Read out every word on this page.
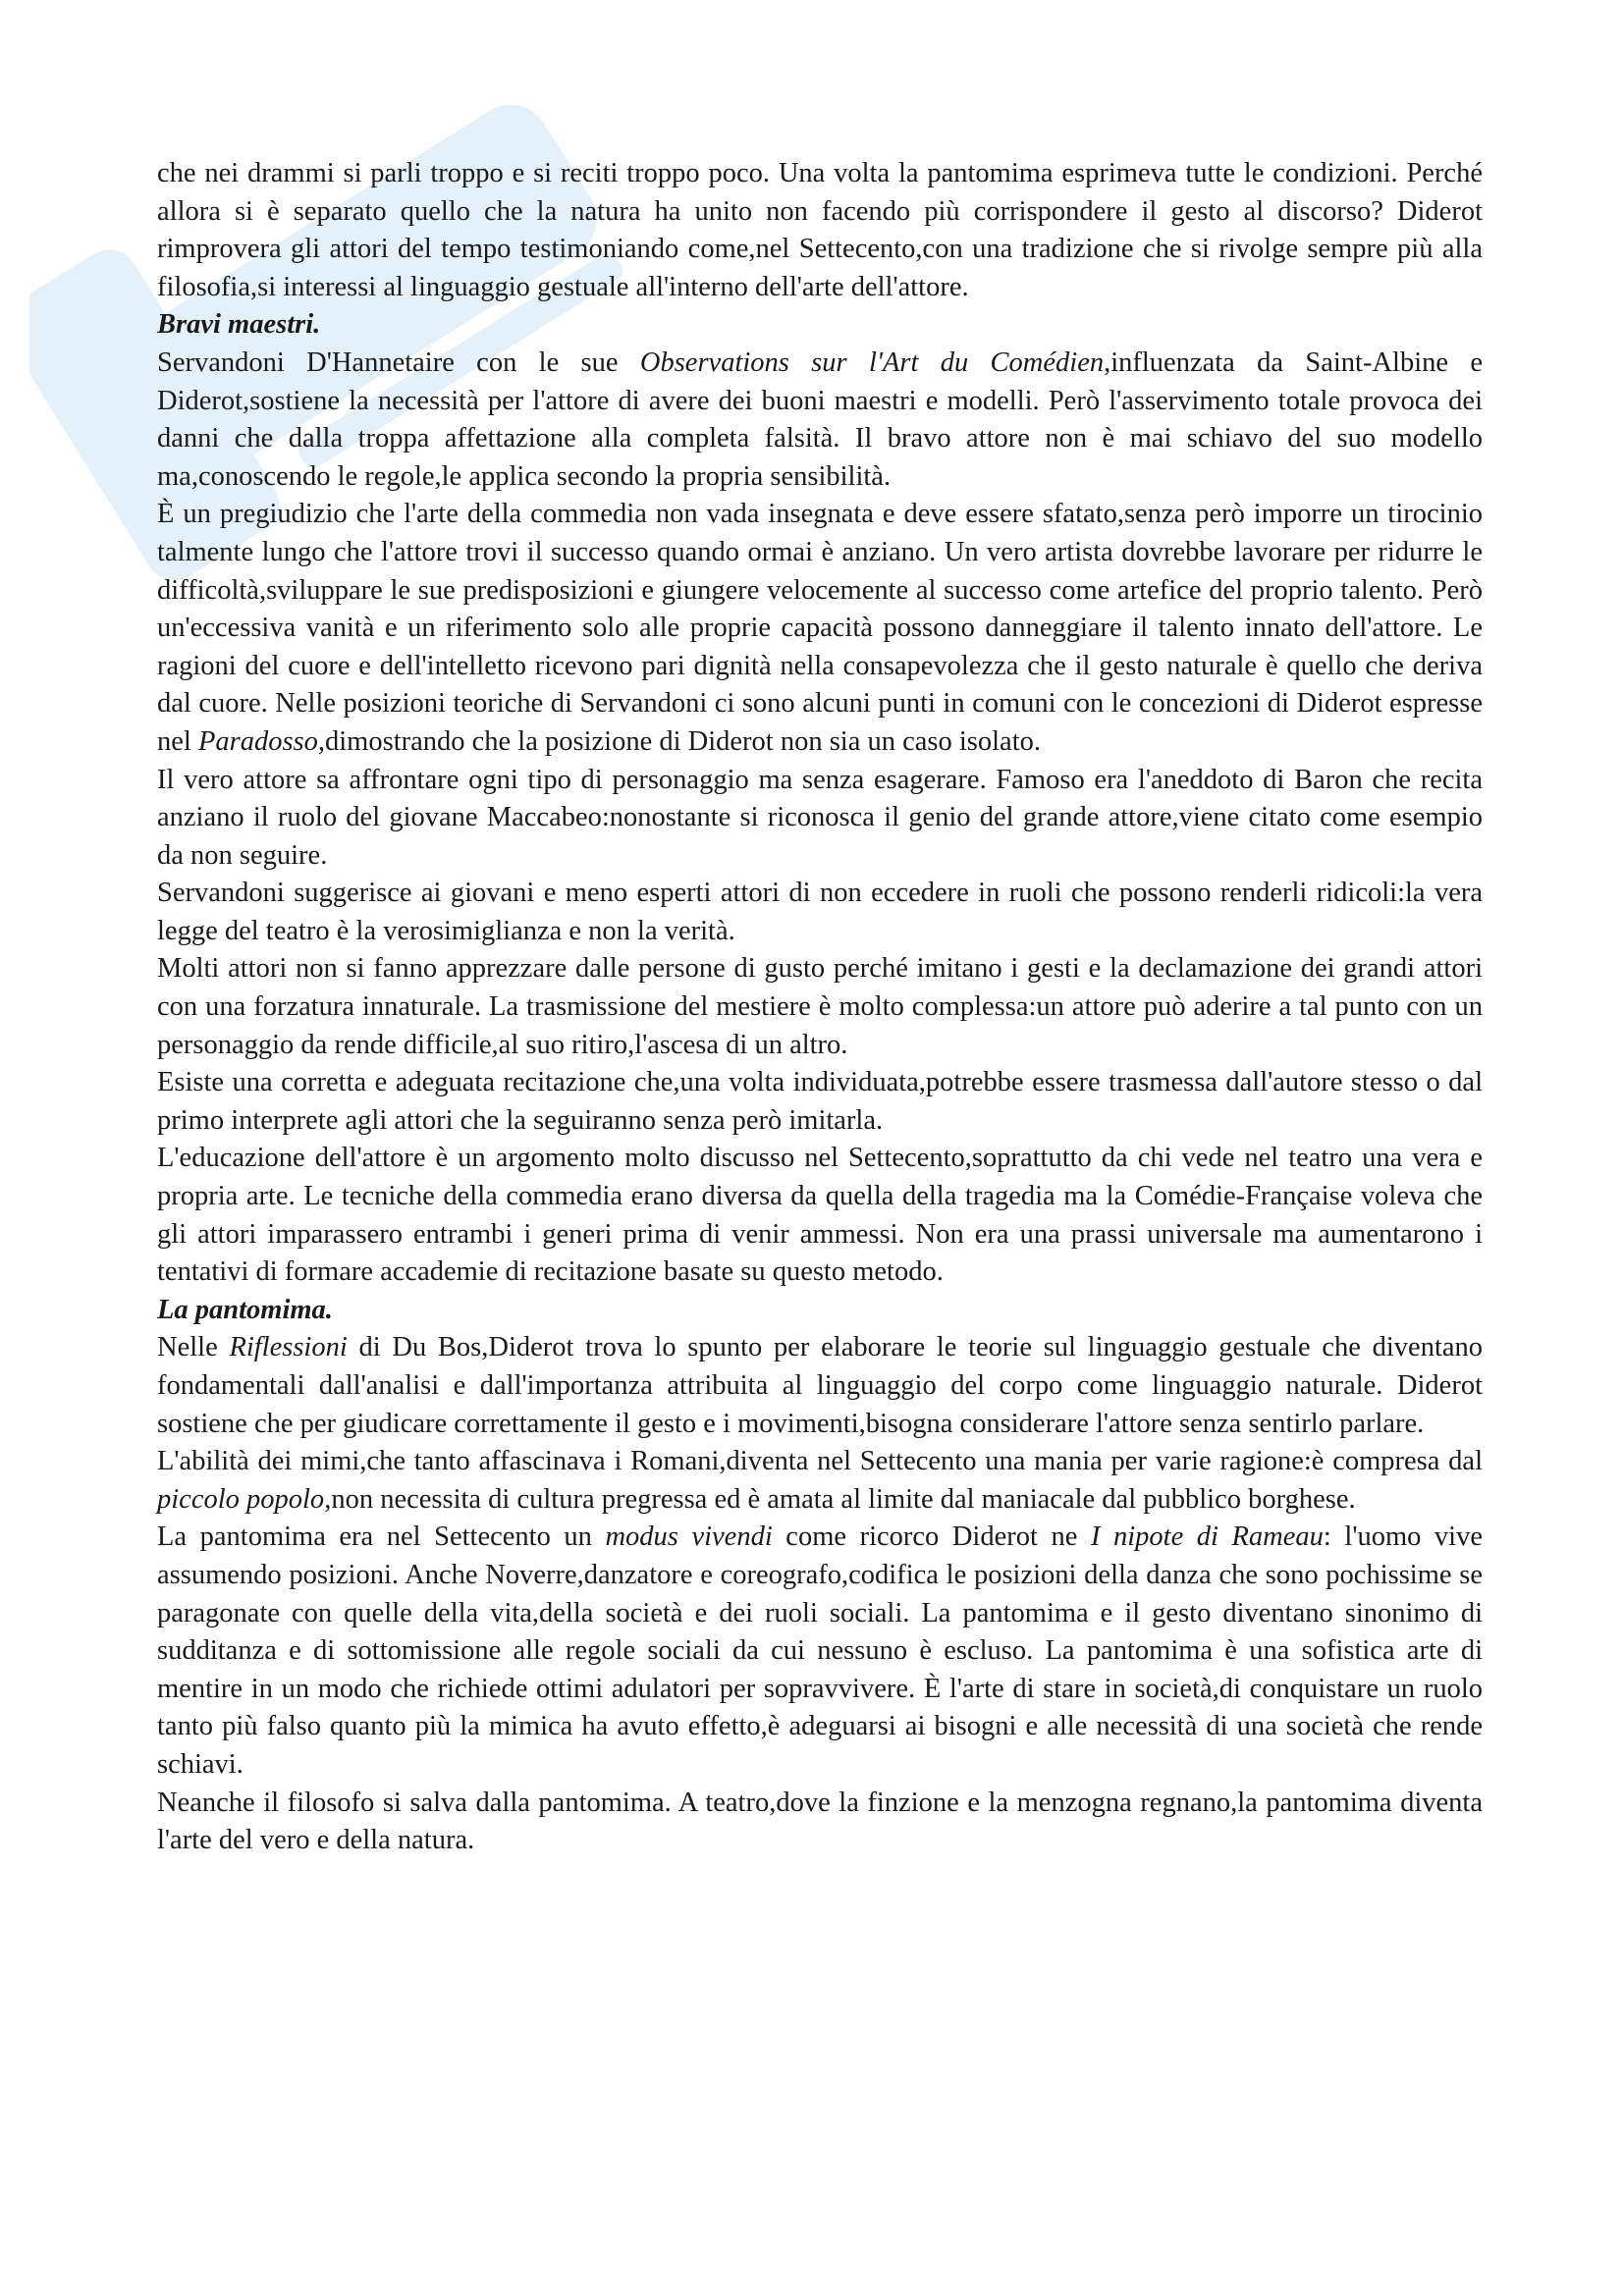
che nei drammi si parli troppo e si reciti troppo poco. Una volta la pantomima esprimeva tutte le condizioni. Perché allora si è separato quello che la natura ha unito non facendo più corrispondere il gesto al discorso? Diderot rimprovera gli attori del tempo testimoniando come,nel Settecento,con una tradizione che si rivolge sempre più alla filosofia,si interessi al linguaggio gestuale all'interno dell'arte dell'attore.

Bravi maestri.

Servandoni D'Hannetaire con le sue Observations sur l'Art du Comédien,influenzata da Saint-Albine e Diderot,sostiene la necessità per l'attore di avere dei buoni maestri e modelli. Però l'asservimento totale provoca dei danni che dalla troppa affettazione alla completa falsità. Il bravo attore non è mai schiavo del suo modello ma,conoscendo le regole,le applica secondo la propria sensibilità.

È un pregiudizio che l'arte della commedia non vada insegnata e deve essere sfatato,senza però imporre un tirocinio talmente lungo che l'attore trovi il successo quando ormai è anziano. Un vero artista dovrebbe lavorare per ridurre le difficoltà,sviluppare le sue predisposizioni e giungere velocemente al successo come artefice del proprio talento. Però un'eccessiva vanità e un riferimento solo alle proprie capacità possono danneggiare il talento innato dell'attore. Le ragioni del cuore e dell'intelletto ricevono pari dignità nella consapevolezza che il gesto naturale è quello che deriva dal cuore. Nelle posizioni teoriche di Servandoni ci sono alcuni punti in comuni con le concezioni di Diderot espresse nel Paradosso,dimostrando che la posizione di Diderot non sia un caso isolato.

Il vero attore sa affrontare ogni tipo di personaggio ma senza esagerare. Famoso era l'aneddoto di Baron che recita anziano il ruolo del giovane Maccabeo:nonostante si riconosca il genio del grande attore,viene citato come esempio da non seguire.

Servandoni suggerisce ai giovani e meno esperti attori di non eccedere in ruoli che possono renderli ridicoli:la vera legge del teatro è la verosimiglianza e non la verità.

Molti attori non si fanno apprezzare dalle persone di gusto perché imitano i gesti e la declamazione dei grandi attori con una forzatura innaturale. La trasmissione del mestiere è molto complessa:un attore può aderire a tal punto con un personaggio da rende difficile,al suo ritiro,l'ascesa di un altro.

Esiste una corretta e adeguata recitazione che,una volta individuata,potrebbe essere trasmessa dall'autore stesso o dal primo interprete agli attori che la seguiranno senza però imitarla.

L'educazione dell'attore è un argomento molto discusso nel Settecento,soprattutto da chi vede nel teatro una vera e propria arte. Le tecniche della commedia erano diversa da quella della tragedia ma la Comédie-Française voleva che gli attori imparassero entrambi i generi prima di venir ammessi. Non era una prassi universale ma aumentarono i tentativi di formare accademie di recitazione basate su questo metodo.

La pantomima.

Nelle Riflessioni di Du Bos,Diderot trova lo spunto per elaborare le teorie sul linguaggio gestuale che diventano fondamentali dall'analisi e dall'importanza attribuita al linguaggio del corpo come linguaggio naturale. Diderot sostiene che per giudicare correttamente il gesto e i movimenti,bisogna considerare l'attore senza sentirlo parlare.

L'abilità dei mimi,che tanto affascinava i Romani,diventa nel Settecento una mania per varie ragione:è compresa dal piccolo popolo,non necessita di cultura pregressa ed è amata al limite dal maniacale dal pubblico borghese.

La pantomima era nel Settecento un modus vivendi come ricorco Diderot ne I nipote di Rameau: l'uomo vive assumendo posizioni. Anche Noverre,danzatore e coreografo,codifica le posizioni della danza che sono pochissime se paragonate con quelle della vita,della società e dei ruoli sociali. La pantomima e il gesto diventano sinonimo di sudditanza e di sottomissione alle regole sociali da cui nessuno è escluso. La pantomima è una sofistica arte di mentire in un modo che richiede ottimi adulatori per sopravvivere. È l'arte di stare in società,di conquistare un ruolo tanto più falso quanto più la mimica ha avuto effetto,è adeguarsi ai bisogni e alle necessità di una società che rende schiavi.

Neanche il filosofo si salva dalla pantomima. A teatro,dove la finzione e la menzogna regnano,la pantomima diventa l'arte del vero e della natura.
